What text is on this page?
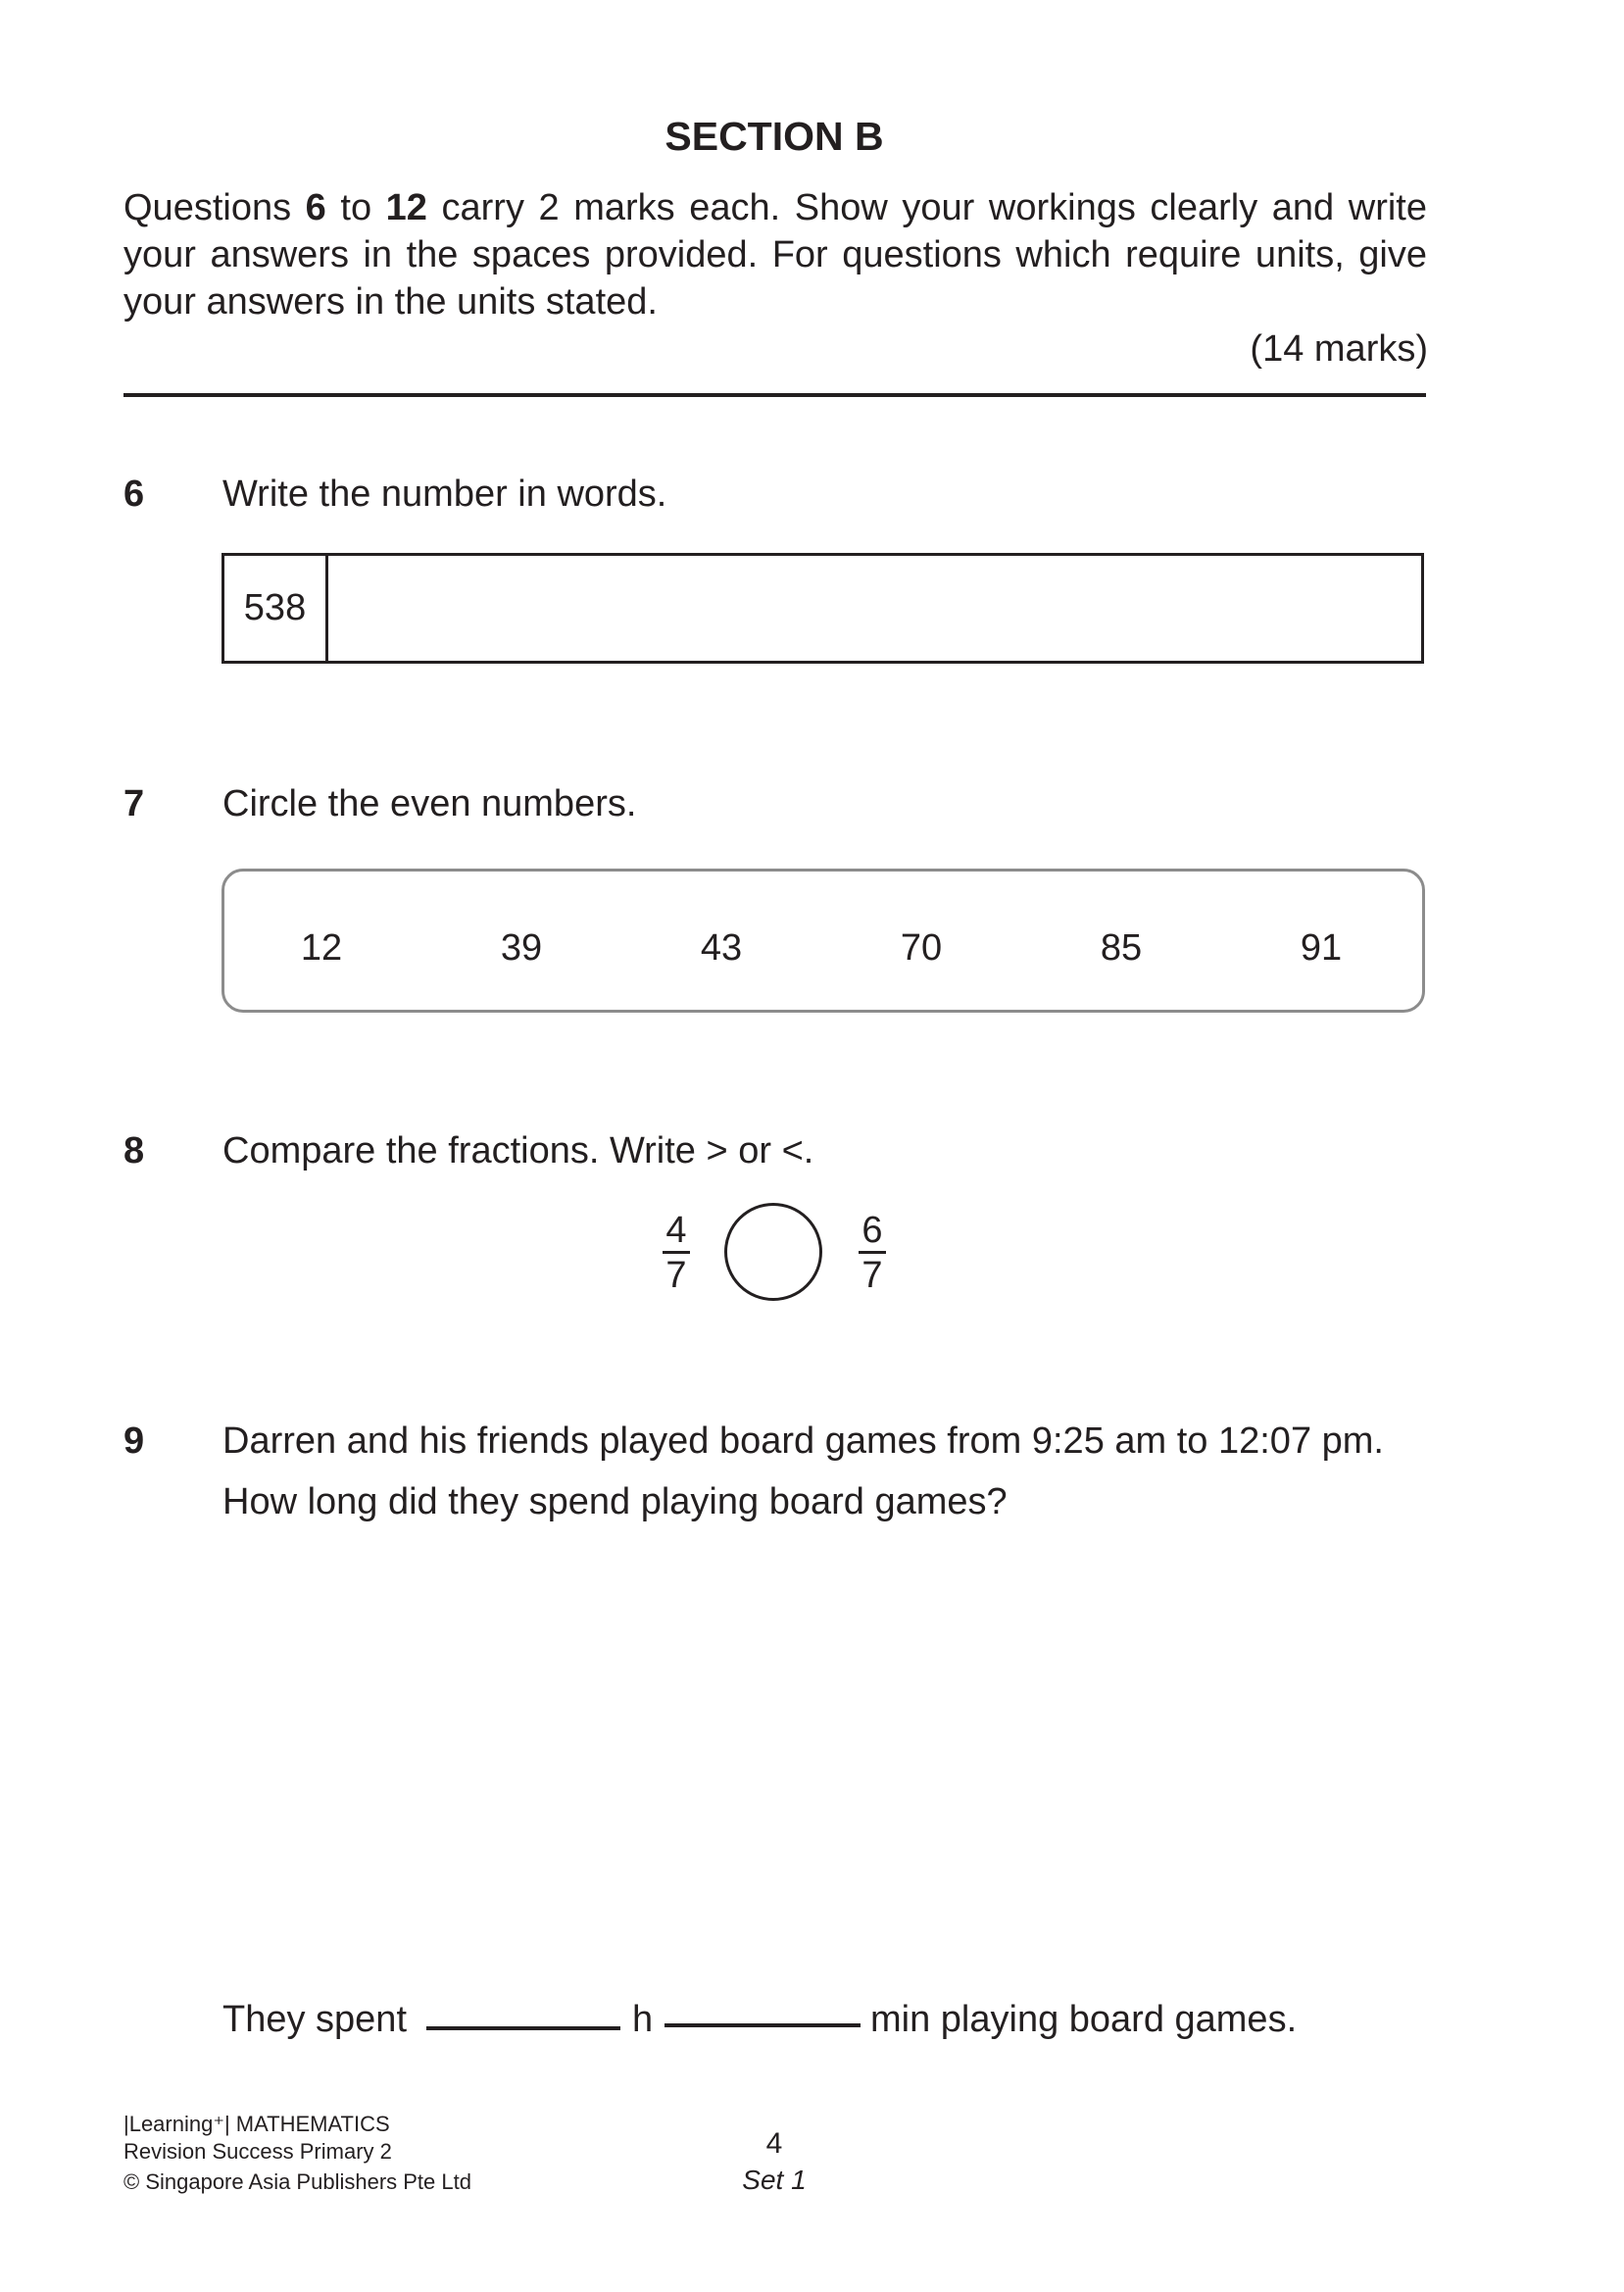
SECTION B
Questions 6 to 12 carry 2 marks each. Show your workings clearly and write your answers in the spaces provided. For questions which require units, give your answers in the units stated.
(14 marks)
6 Write the number in words.
538
7 Circle the even numbers.
12	39	43	70	85	91
8 Compare the fractions. Write > or <.
4
7
6
7
9 Darren and his friends played board games from 9:25 am to 12:07 pm.
How long did they spend playing board games?
They spent	h	min playing board games.
|Learning⁺| MATHEMATICS
Revision Success Primary 2
© Singapore Asia Publishers Pte Ltd
4
Set 1
